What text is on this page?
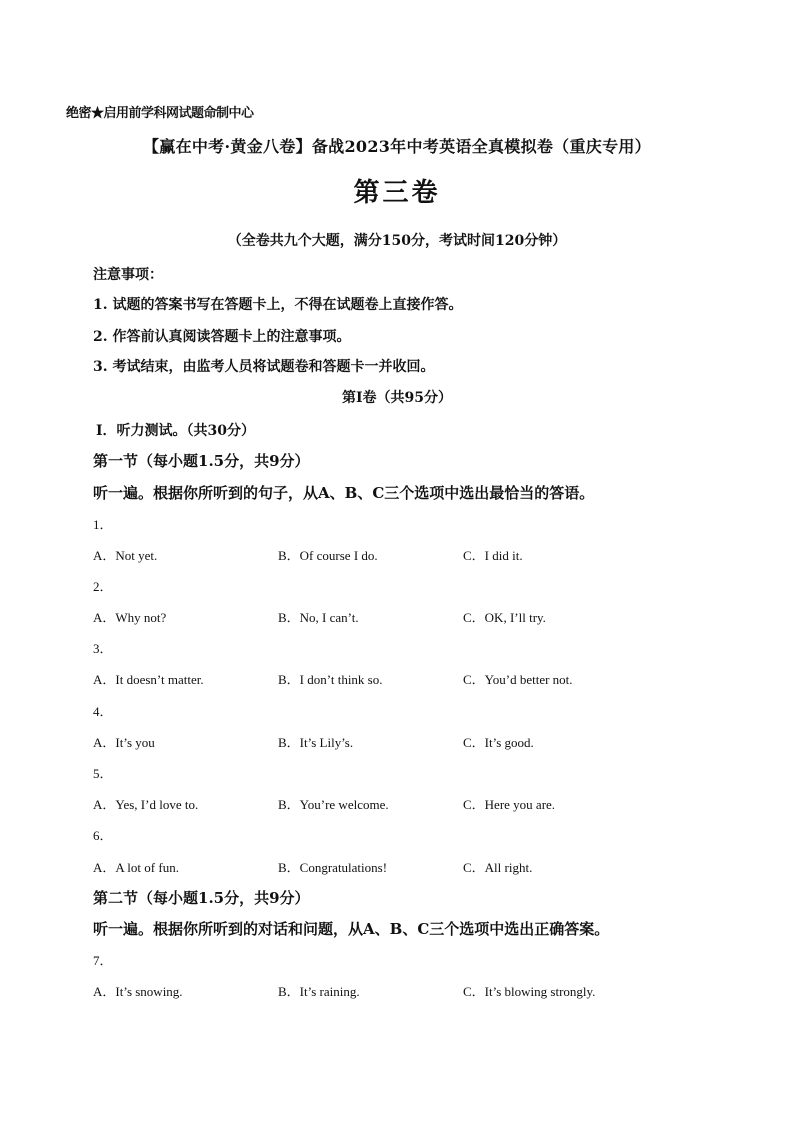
绝密★启用前学科网试题命制中心
【赢在中考·黄金八卷】备战2023年中考英语全真模拟卷（重庆专用）
第三卷
（全卷共九个大题，满分150分，考试时间120分钟）
注意事项：
1. 试题的答案书写在答题卡上，不得在试题卷上直接作答。
2. 作答前认真阅读答题卡上的注意事项。
3. 考试结束，由监考人员将试题卷和答题卡一并收回。
第Ⅰ卷（共95分）
Ⅰ．听力测试。（共30分）
第一节（每小题1.5分，共9分）
听一遍。根据你所听到的句子，从A、B、C三个选项中选出最恰当的答语。
1．
A．Not yet.	B．Of course I do.	C．I did it.
2．
A．Why not?	B．No, I can’t.	C．OK, I’ll try.
3．
A．It doesn’t matter.	B．I don’t think so.	C．You’d better not.
4．
A．It’s you	B．It’s Lily’s.	C．It’s good.
5．
A．Yes, I’d love to.	B．You’re welcome.	C．Here you are.
6．
A．A lot of fun.	B．Congratulations!	C．All right.
第二节（每小题1.5分，共9分）
听一遍。根据你所听到的对话和问题，从A、B、C三个选项中选出正确答案。
7．
A．It’s snowing.	B．It’s raining.	C．It’s blowing strongly.
